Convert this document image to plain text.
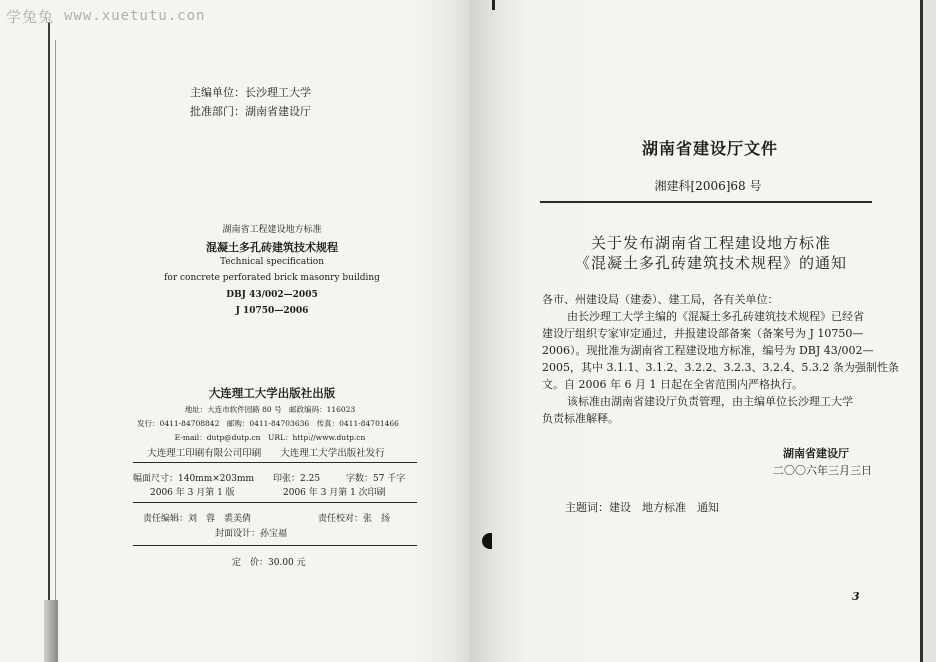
学兔兔 www.xuetutu.con
主编单位：长沙理工大学
批准部门：湖南省建设厅
湖南省工程建设地方标准
混凝土多孔砖建筑技术规程
Technical specification
for concrete perforated brick masonry building
DBJ 43/002—2005
J 10750—2006
大连理工大学出版社出版
地址：大连市软件园路 80 号　邮政编码：116023
发行：0411-84708842　邮购：0411-84703636　传真：0411-84701466
E-mail：dutp@dutp.cn　URL：http://www.dutp.cn
大连理工印刷有限公司印刷　　大连理工大学出版社发行
幅面尺寸：140mm×203mm 印张：2.25	字数：57 千字
2006 年 3 月第 1 版	2006 年 3 月第 1 次印刷
责任编辑：刘　蓉　裘美倩	责任校对：张　扬
封面设计：孙宝福
定　价：30.00 元
湖南省建设厅文件
湘建科[2006]68 号
关于发布湖南省工程建设地方标准
《混凝土多孔砖建筑技术规程》的通知
各市、州建设局（建委）、建工局，各有关单位：
由长沙理工大学主编的《混凝土多孔砖建筑技术规程》已经省
建设厅组织专家审定通过，并报建设部备案（备案号为 J 10750—
2006）。现批准为湖南省工程建设地方标准，编号为 DBJ 43/002—
2005，其中 3.1.1、3.1.2、3.2.2、3.2.3、3.2.4、5.3.2 条为强制性条
文。自 2006 年 6 月 1 日起在全省范围内严格执行。
该标准由湖南省建设厅负责管理，由主编单位长沙理工大学
负责标准解释。
湖南省建设厅
二〇〇六年三月三日
主题词：建设　地方标准　通知
3
